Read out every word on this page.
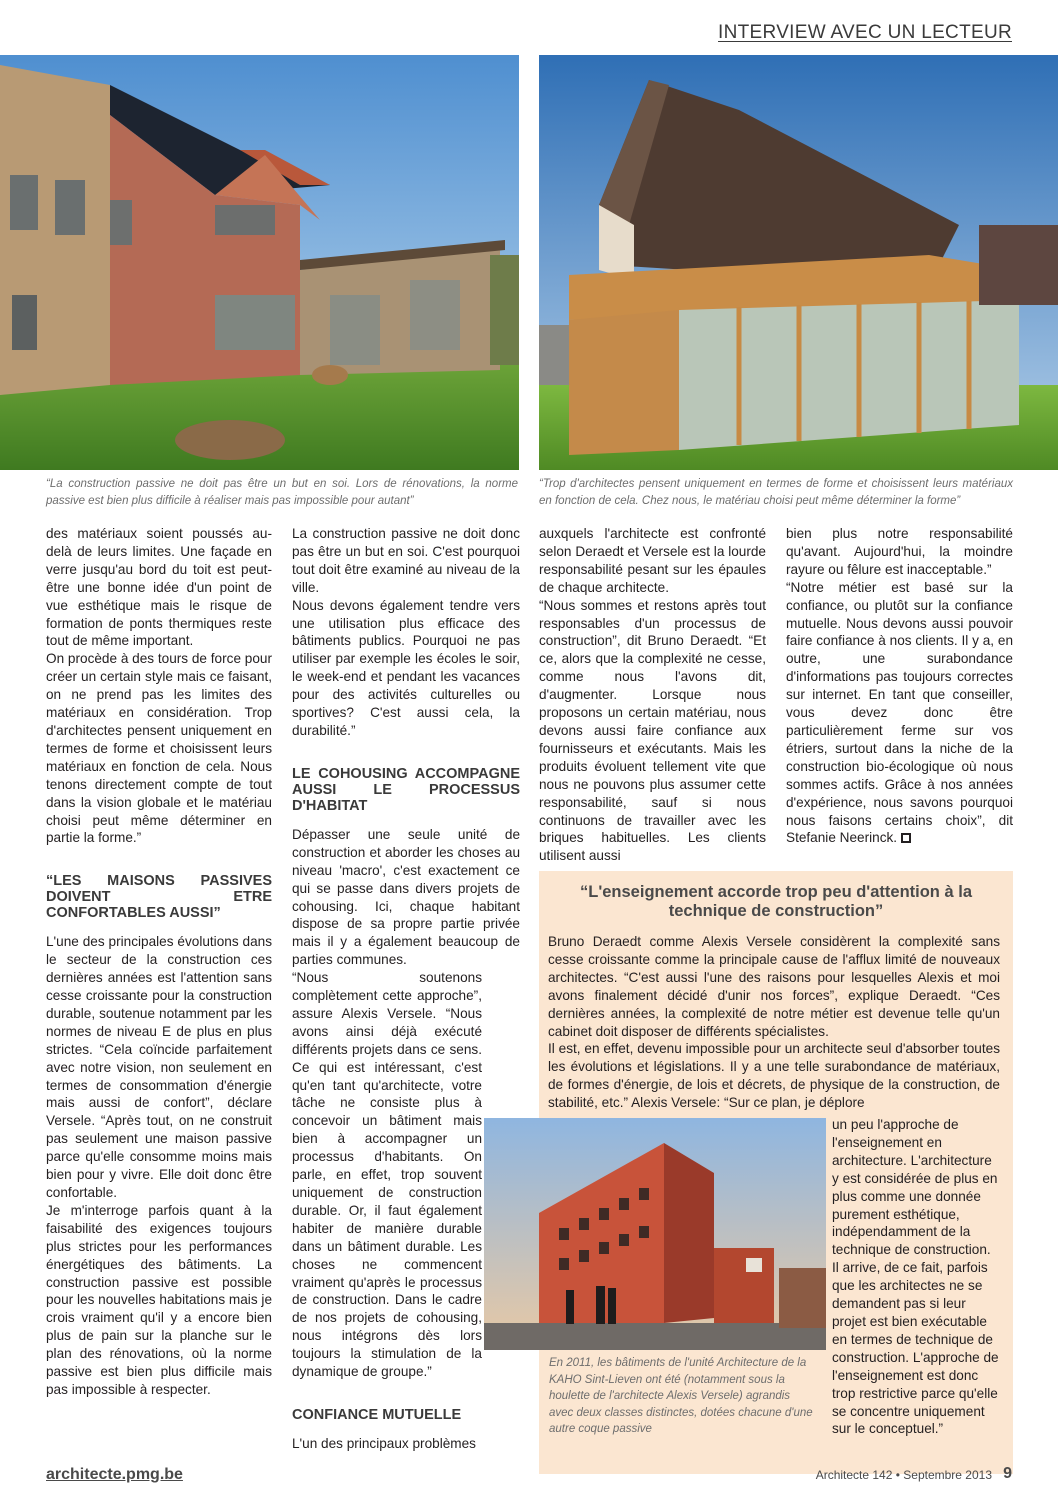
INTERVIEW AVEC UN LECTEUR
“La construction passive ne doit pas être un but en soi. Lors de rénovations, la norme passive est bien plus difficile à réaliser mais pas impossible pour autant”
“Trop d'architectes pensent uniquement en termes de forme et choisissent leurs matériaux en fonction de cela. Chez nous, le matériau choisi peut même déterminer la forme”

des matériaux soient poussés au-delà de leurs limites. Une façade en verre jusqu'au bord du toit est peut-être une bonne idée d'un point de vue esthétique mais le risque de formation de ponts thermiques reste tout de même important.

On procède à des tours de force pour créer un certain style mais ce faisant, on ne prend pas les limites des matériaux en considération. Trop d'architectes pensent uniquement en termes de forme et choisissent leurs matériaux en fonction de cela. Nous tenons directement compte de tout dans la vision globale et le matériau choisi peut même déterminer en partie la forme.”

“LES MAISONS PASSIVES DOIVENT ETRE CONFORTABLES AUSSI”

L'une des principales évolutions dans le secteur de la construction ces dernières années est l'attention sans cesse croissante pour la construction durable, soutenue notamment par les normes de niveau E de plus en plus strictes. “Cela coïncide parfaitement avec notre vision, non seulement en termes de consommation d'énergie mais aussi de confort”, déclare Versele. “Après tout, on ne construit pas seulement une maison passive parce qu'elle consomme moins mais bien pour y vivre. Elle doit donc être confortable.

Je m'interroge parfois quant à la faisabilité des exigences toujours plus strictes pour les performances énergétiques des bâtiments. La construction passive est possible pour les nouvelles habitations mais je crois vraiment qu'il y a encore bien plus de pain sur la planche sur le plan des rénovations, où la norme passive est bien plus difficile mais pas impossible à respecter.

La construction passive ne doit donc pas être un but en soi. C'est pourquoi tout doit être examiné au niveau de la ville.

Nous devons également tendre vers une utilisation plus efficace des bâtiments publics. Pourquoi ne pas utiliser par exemple les écoles le soir, le week-end et pendant les vacances pour des activités culturelles ou sportives? C'est aussi cela, la durabilité.”

LE COHOUSING ACCOMPAGNE AUSSI LE PROCESSUS D'HABITAT

Dépasser une seule unité de construction et aborder les choses au niveau 'macro', c'est exactement ce qui se passe dans divers projets de cohousing. Ici, chaque habitant dispose de sa propre partie privée mais il y a également beaucoup de parties communes.

“Nous soutenons complètement cette approche”, assure Alexis Versele. “Nous avons ainsi déjà exécuté différents projets dans ce sens. Ce qui est intéressant, c'est qu'en tant qu'architecte, votre tâche ne consiste plus à concevoir un bâtiment mais bien à accompagner un processus d'habitants. On parle, en effet, trop souvent uniquement de construction durable. Or, il faut également habiter de manière durable dans un bâtiment durable. Les choses ne commencent vraiment qu'après le processus de construction. Dans le cadre de nos projets de cohousing, nous intégrons dès lors toujours la stimulation de la dynamique de groupe.”

CONFIANCE MUTUELLE

L'un des principaux problèmes

auxquels l'architecte est confronté selon Deraedt et Versele est la lourde responsabilité pesant sur les épaules de chaque architecte.

“Nous sommes et restons après tout responsables d'un processus de construction”, dit Bruno Deraedt. “Et ce, alors que la complexité ne cesse, comme nous l'avons dit, d'augmenter. Lorsque nous proposons un certain matériau, nous devons aussi faire confiance aux fournisseurs et exécutants. Mais les produits évoluent tellement vite que nous ne pouvons plus assumer cette responsabilité, sauf si nous continuons de travailler avec les briques habituelles. Les clients utilisent aussi

bien plus notre responsabilité qu'avant. Aujourd'hui, la moindre rayure ou fêlure est inacceptable.”

“Notre métier est basé sur la confiance, ou plutôt sur la confiance mutuelle. Nous devons aussi pouvoir faire confiance à nos clients. Il y a, en outre, une surabondance d'informations pas toujours correctes sur internet. En tant que conseiller, vous devez donc être particulièrement ferme sur vos étriers, surtout dans la niche de la construction bio-écologique où nous sommes actifs. Grâce à nos années d'expérience, nous savons pourquoi nous faisons certains choix”, dit Stefanie Neerinck.

“L'enseignement accorde trop peu d'attention à la technique de construction”

Bruno Deraedt comme Alexis Versele considèrent la complexité sans cesse croissante comme la principale cause de l'afflux limité de nouveaux architectes. “C'est aussi l'une des raisons pour lesquelles Alexis et moi avons finalement décidé d'unir nos forces”, explique Deraedt. “Ces dernières années, la complexité de notre métier est devenue telle qu'un cabinet doit disposer de différents spécialistes.

Il est, en effet, devenu impossible pour un architecte seul d'absorber toutes les évolutions et législations. Il y a une telle surabondance de matériaux, de formes d'énergie, de lois et décrets, de physique de la construction, de stabilité, etc.” Alexis Versele: “Sur ce plan, je déplore

un peu l'approche de l'enseignement en architecture. L'architecture y est considérée de plus en plus comme une donnée purement esthétique, indépendamment de la technique de construction. Il arrive, de ce fait, parfois que les architectes ne se demandent pas si leur projet est bien exécutable en termes de technique de construction. L'approche de l'enseignement est donc trop restrictive parce qu'elle se concentre uniquement sur le conceptuel.”

En 2011, les bâtiments de l'unité Architecture de la KAHO Sint-Lieven ont été (notamment sous la houlette de l'architecte Alexis Versele) agrandis avec deux classes distinctes, dotées chacune d'une autre coque passive
architecte.pmg.be	Architecte 142 • Septembre 2013 9
